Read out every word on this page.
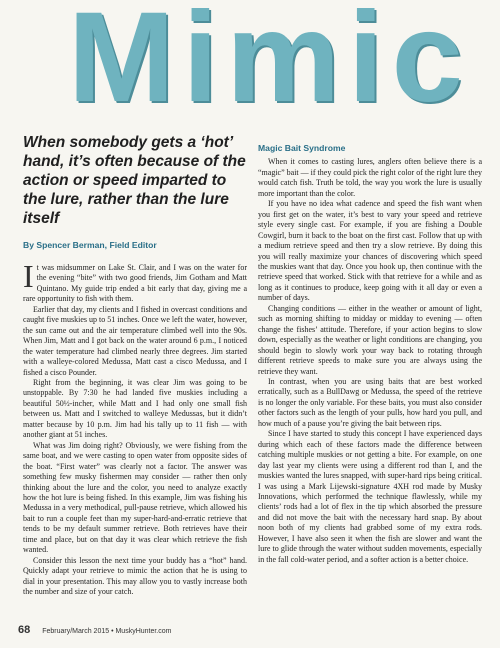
Mimic
When somebody gets a ‘hot’ hand, it’s often because of the action or speed imparted to the lure, rather than the lure itself
By Spencer Berman, Field Editor

It was midsummer on Lake St. Clair, and I was on the water for the evening “bite” with two good friends, Jim Gotham and Matt Quintano. My guide trip ended a bit early that day, giving me a rare opportunity to fish with them.

Earlier that day, my clients and I fished in overcast conditions and caught five muskies up to 51 inches. Once we left the water, however, the sun came out and the air temperature climbed well into the 90s. When Jim, Matt and I got back on the water around 6 p.m., I noticed the water temperature had climbed nearly three degrees. Jim started with a walleye-colored Medussa, Matt cast a cisco Medussa, and I fished a cisco Pounder.

Right from the beginning, it was clear Jim was going to be unstoppable. By 7:30 he had landed five muskies including a beautiful 50½-incher, while Matt and I had only one small fish between us. Matt and I switched to walleye Medussas, but it didn’t matter because by 10 p.m. Jim had his tally up to 11 fish — with another giant at 51 inches.

What was Jim doing right? Obviously, we were fishing from the same boat, and we were casting to open water from opposite sides of the boat. “First water” was clearly not a factor. The answer was something few musky fishermen may consider — rather then only thinking about the lure and the color, you need to analyze exactly how the hot lure is being fished. In this example, Jim was fishing his Medussa in a very methodical, pull-pause retrieve, which allowed his bait to run a couple feet than my super-hard-and-erratic retrieve that tends to be my default summer retrieve. Both retrieves have their time and place, but on that day it was clear which retrieve the fish wanted.

Consider this lesson the next time your buddy has a “hot” hand. Quickly adapt your retrieve to mimic the action that he is using to dial in your presentation. This may allow you to vastly increase both the number and size of your catch.

Magic Bait Syndrome

When it comes to casting lures, anglers often believe there is a “magic” bait — if they could pick the right color of the right lure they would catch fish. Truth be told, the way you work the lure is usually more important than the color.

If you have no idea what cadence and speed the fish want when you first get on the water, it’s best to vary your speed and retrieve style every single cast. For example, if you are fishing a Double Cowgirl, burn it back to the boat on the first cast. Follow that up with a medium retrieve speed and then try a slow retrieve. By doing this you will really maximize your chances of discovering which speed the muskies want that day. Once you hook up, then continue with the retrieve speed that worked. Stick with that retrieve for a while and as long as it continues to produce, keep going with it all day or even a number of days.

Changing conditions — either in the weather or amount of light, such as morning shifting to midday or midday to evening — often change the fishes’ attitude. Therefore, if your action begins to slow down, especially as the weather or light conditions are changing, you should begin to slowly work your way back to rotating through different retrieve speeds to make sure you are always using the retrieve they want.

In contrast, when you are using baits that are best worked erratically, such as a BullDawg or Medussa, the speed of the retrieve is no longer the only variable. For these baits, you must also consider other factors such as the length of your pulls, how hard you pull, and how much of a pause you’re giving the bait between rips.

Since I have started to study this concept I have experienced days during which each of these factors made the difference between catching multiple muskies or not getting a bite. For example, on one day last year my clients were using a different rod than I, and the muskies wanted the lures snapped, with super-hard rips being critical. I was using a Mark Lijewski-signature 4XH rod made by Musky Innovations, which performed the technique flawlessly, while my clients’ rods had a lot of flex in the tip which absorbed the pressure and did not move the bait with the necessary hard snap. By about noon both of my clients had grabbed some of my extra rods. However, I have also seen it when the fish are slower and want the lure to glide through the water without sudden movements, especially in the fall cold-water period, and a softer action is a better choice.

68 February/March 2015 • MuskyHunter.com
